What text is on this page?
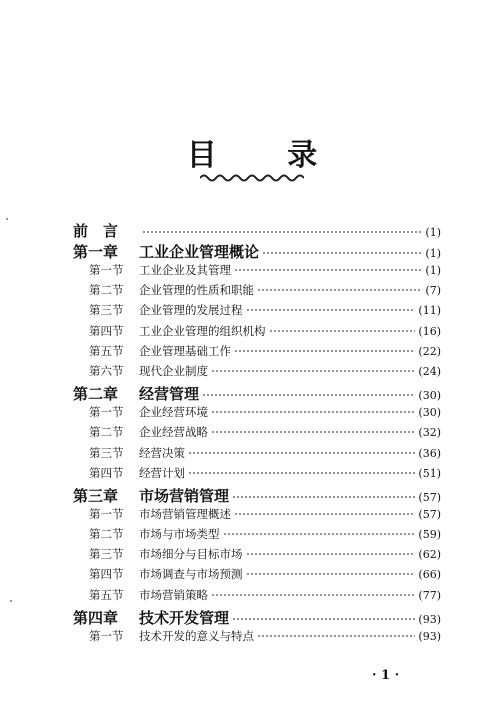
目 录
前　言	(1)
第一章	工业企业管理概论	(1)
第一节	工业企业及其管理	(1)
第二节	企业管理的性质和职能	(7)
第三节	企业管理的发展过程	(11)
第四节	工业企业管理的组织机构	(16)
第五节	企业管理基础工作	(22)
第六节	现代企业制度	(24)
第二章	经营管理	(30)
第一节	企业经营环境	(30)
第二节	企业经营战略	(32)
第三节	经营决策	(36)
第四节	经营计划	(51)
第三章	市场营销管理	(57)
第一节	市场营销管理概述	(57)
第二节	市场与市场类型	(59)
第三节	市场细分与目标市场	(62)
第四节	市场调查与市场预测	(66)
第五节	市场营销策略	(77)
第四章	技术开发管理	(93)
第一节	技术开发的意义与特点	(93)
· 1 ·
